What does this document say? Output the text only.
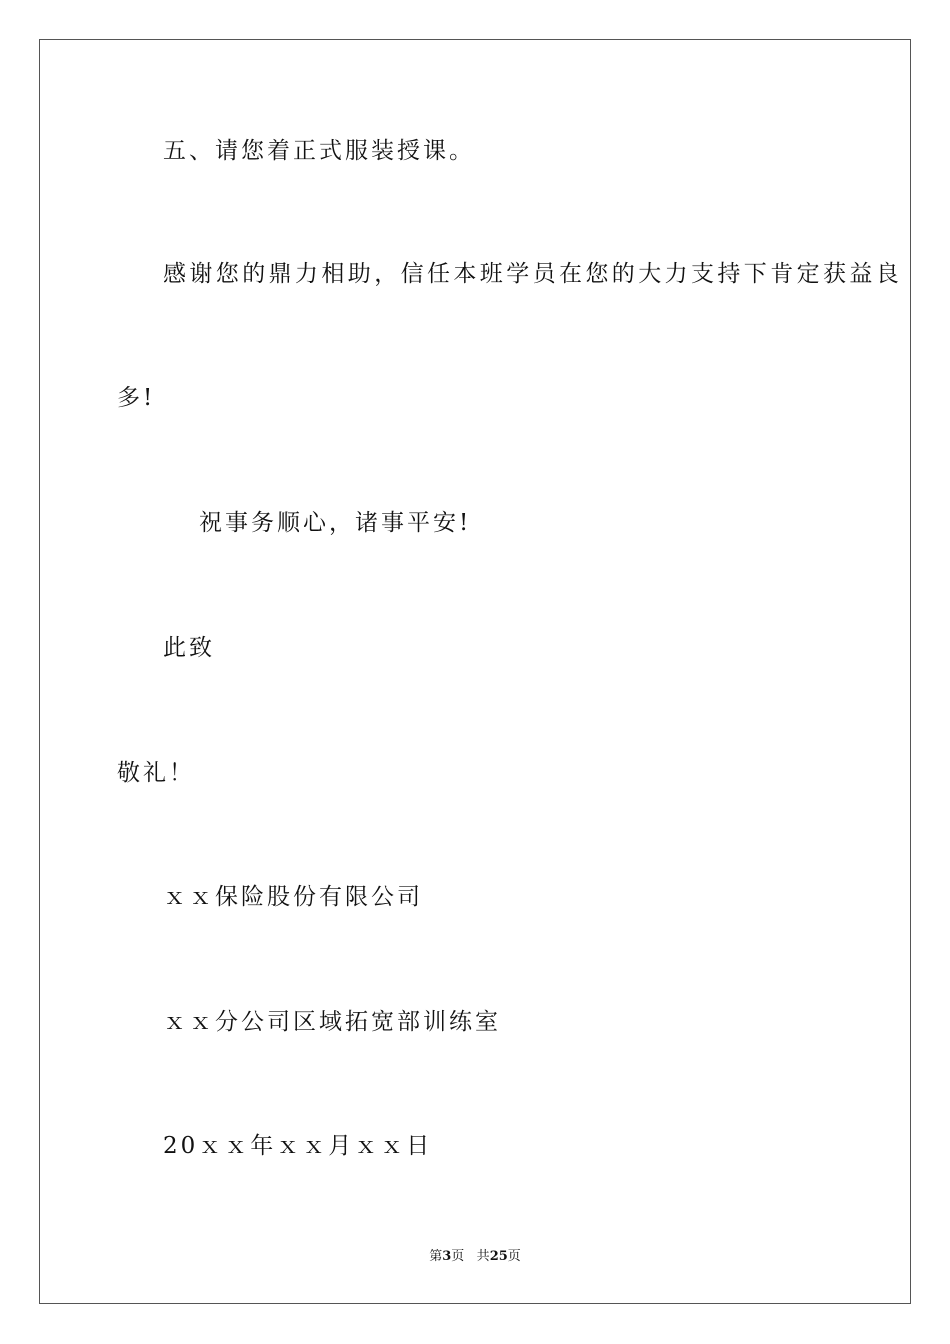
五、请您着正式服装授课。
感谢您的鼎力相助，信任本班学员在您的大力支持下肯定获益良
多!
祝事务顺心，诸事平安!
此致
敬礼！
ｘｘ保险股份有限公司
ｘｘ分公司区域拓宽部训练室
20ｘｘ年ｘｘ月ｘｘ日
第3页 共25页
